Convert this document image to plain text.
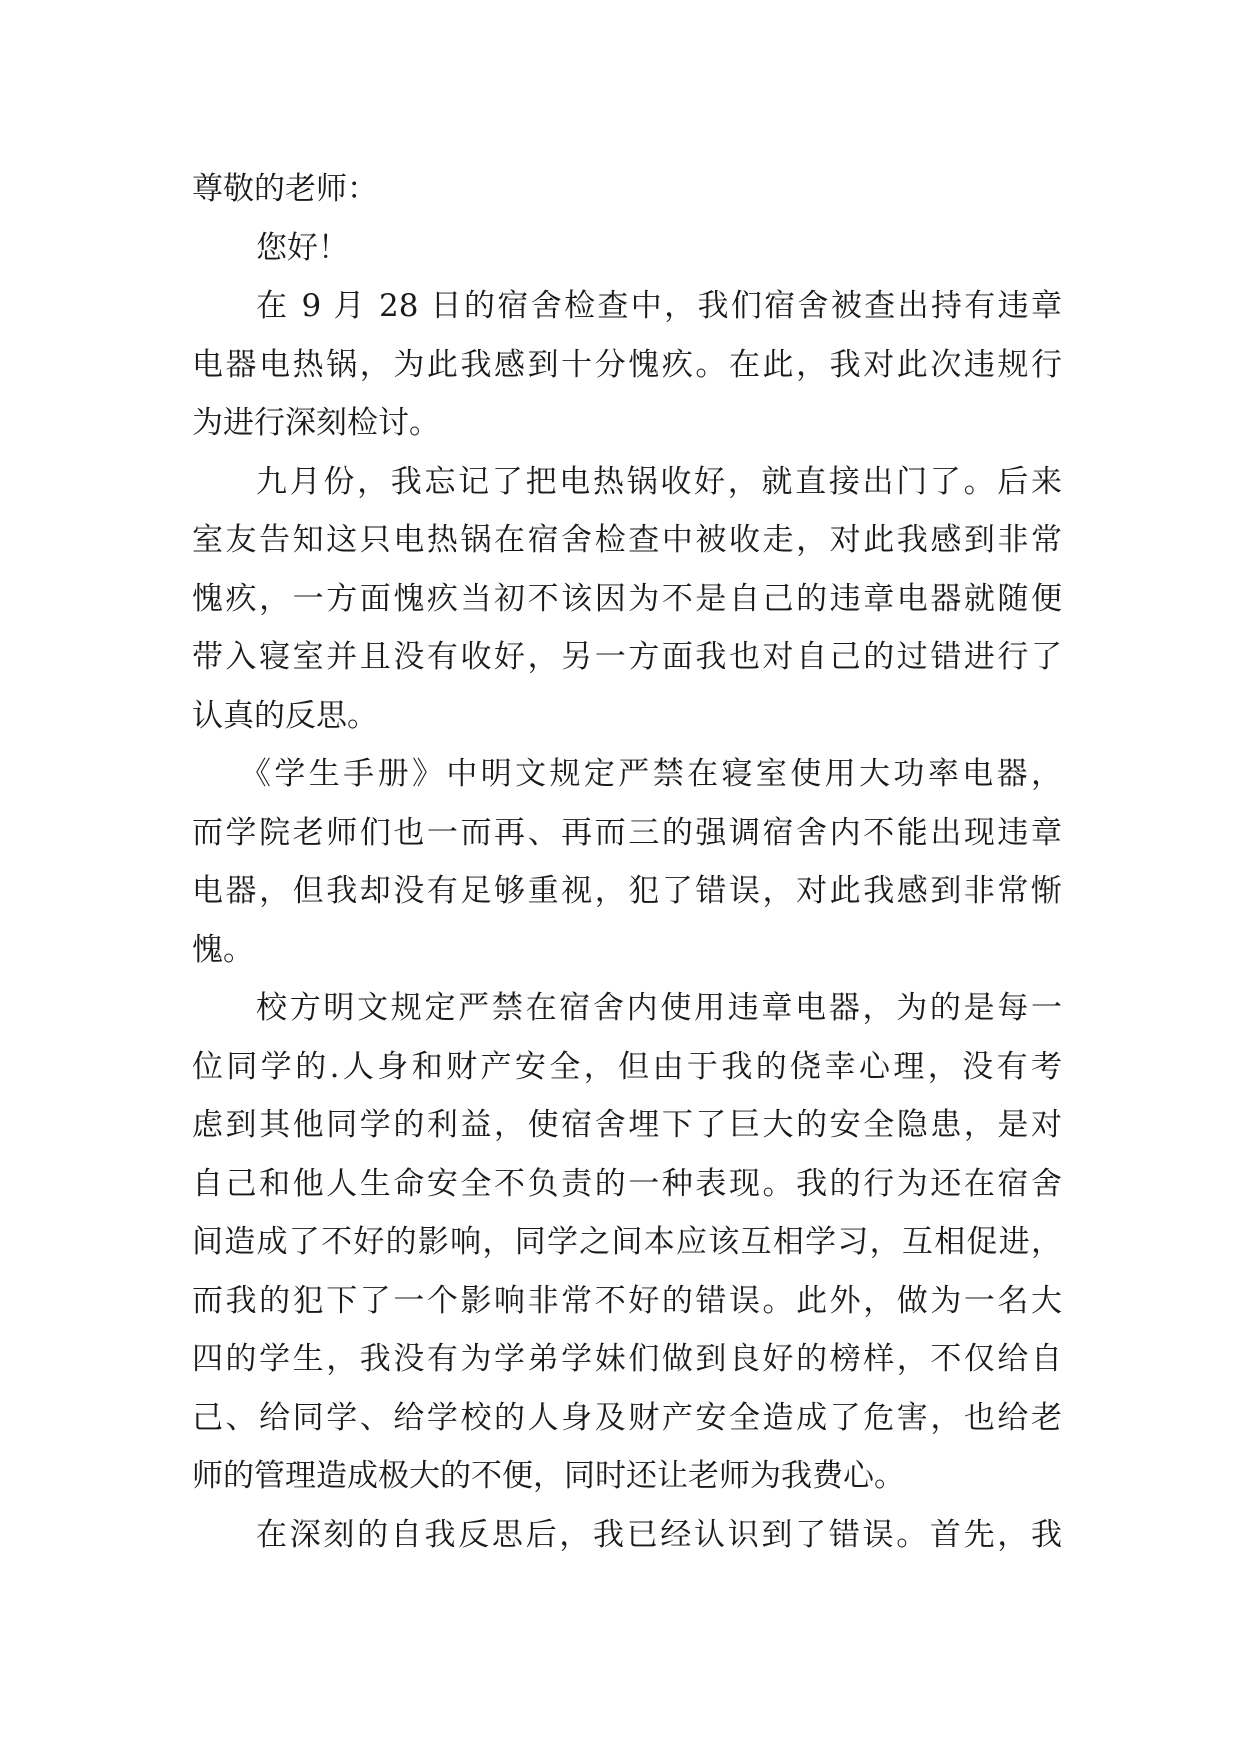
尊敬的老师：
您好！
在 9 月 28 日的宿舍检查中，我们宿舍被查出持有违章
电器电热锅，为此我感到十分愧疚。在此，我对此次违规行
为进行深刻检讨。
九月份，我忘记了把电热锅收好，就直接出门了。后来
室友告知这只电热锅在宿舍检查中被收走，对此我感到非常
愧疚，一方面愧疚当初不该因为不是自己的违章电器就随便
带入寝室并且没有收好，另一方面我也对自己的过错进行了
认真的反思。
《学生手册》中明文规定严禁在寝室使用大功率电器，
而学院老师们也一而再、再而三的强调宿舍内不能出现违章
电器，但我却没有足够重视，犯了错误，对此我感到非常惭
愧。
校方明文规定严禁在宿舍内使用违章电器，为的是每一
位同学的.人身和财产安全，但由于我的侥幸心理，没有考
虑到其他同学的利益，使宿舍埋下了巨大的安全隐患，是对
自己和他人生命安全不负责的一种表现。我的行为还在宿舍
间造成了不好的影响，同学之间本应该互相学习，互相促进，
而我的犯下了一个影响非常不好的错误。此外，做为一名大
四的学生，我没有为学弟学妹们做到良好的榜样，不仅给自
己、给同学、给学校的人身及财产安全造成了危害，也给老
师的管理造成极大的不便，同时还让老师为我费心。
在深刻的自我反思后，我已经认识到了错误。首先，我
